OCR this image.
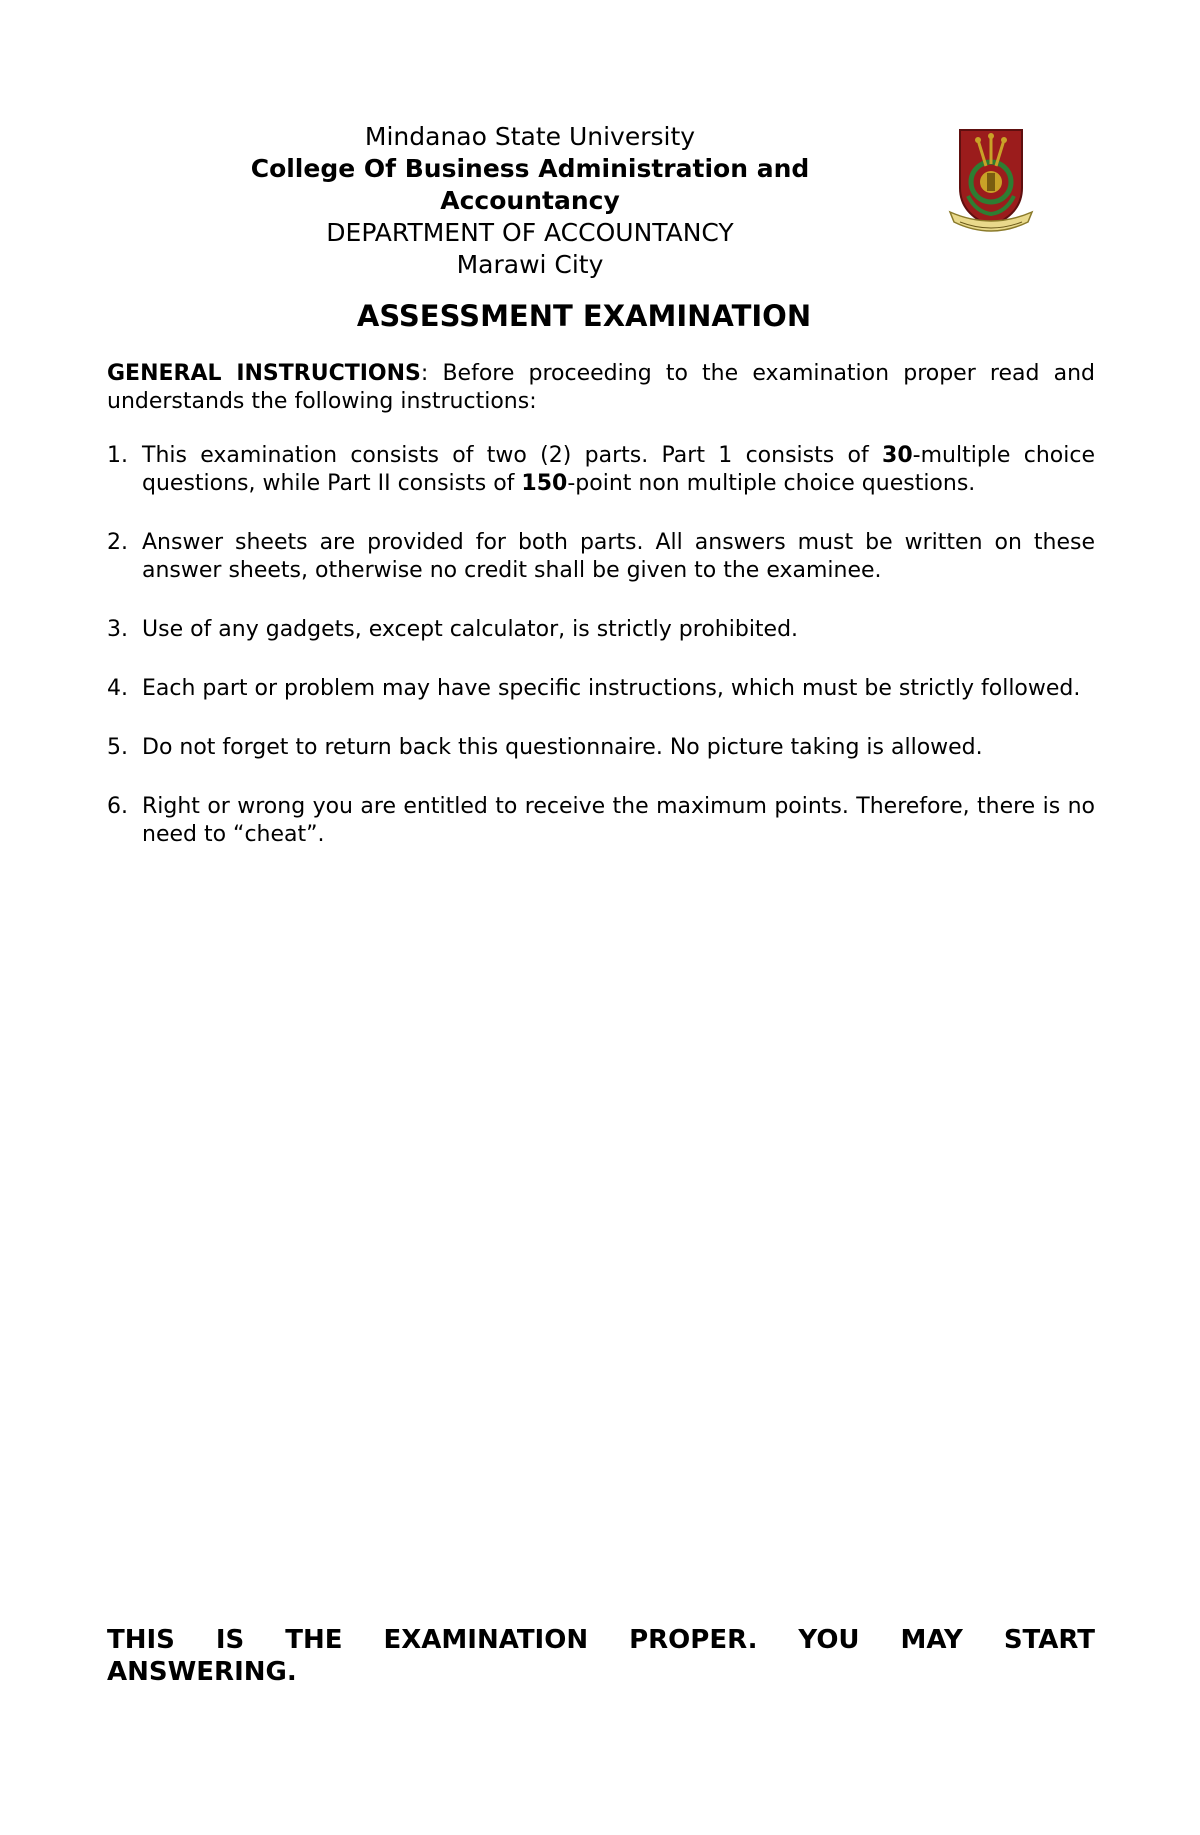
Mindanao State University
College Of Business Administration and
Accountancy
DEPARTMENT OF ACCOUNTANCY
Marawi City
ASSESSMENT EXAMINATION
GENERAL INSTRUCTIONS: Before proceeding to the examination proper read and understands the following instructions:
1. This examination consists of two (2) parts. Part 1 consists of 30-multiple choice questions, while Part II consists of 150-point non multiple choice questions.
2. Answer sheets are provided for both parts. All answers must be written on these answer sheets, otherwise no credit shall be given to the examinee.
3. Use of any gadgets, except calculator, is strictly prohibited.
4. Each part or problem may have specific instructions, which must be strictly followed.
5. Do not forget to return back this questionnaire. No picture taking is allowed.
6. Right or wrong you are entitled to receive the maximum points. Therefore, there is no need to “cheat”.
THIS IS THE EXAMINATION PROPER. YOU MAY START
ANSWERING.
